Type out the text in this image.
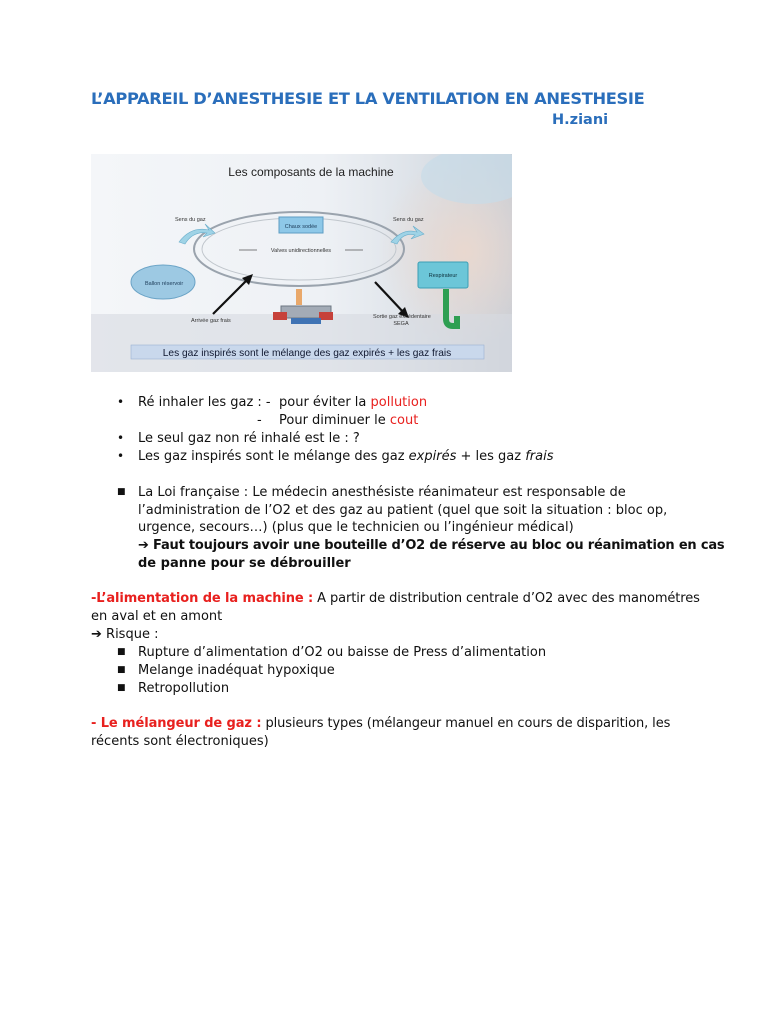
L’APPAREIL D’ANESTHESIE ET LA VENTILATION EN ANESTHESIE
H.ziani
Les composants de la machine
Chaux sodée
Valves unidirectionnelles
Sens du gaz	Sens du gaz
Ballon réservoir
Respirateur
Arrivée gaz frais
Sortie gaz excédentaire
SEGA
Les gaz inspirés sont le mélange des gaz expirés + les gaz frais
• Ré inhaler les gaz : - pour éviter la pollution
- Pour diminuer le cout
• Le seul gaz non ré inhalé est le : ?
• Les gaz inspirés sont le mélange des gaz expirés + les gaz frais
■ La Loi française : Le médecin anesthésiste réanimateur est responsable de
l’administration de l’O2 et des gaz au patient (quel que soit la situation : bloc op,
urgence, secours…) (plus que le technicien ou l’ingénieur médical)
➔ Faut toujours avoir une bouteille d’O2 de réserve au bloc ou réanimation en cas
de panne pour se débrouiller
-L’alimentation de la machine : A partir de distribution centrale d’O2 avec des manométres
en aval et en amont
➔ Risque :
■ Rupture d’alimentation d’O2 ou baisse de Press d’alimentation
■ Melange inadéquat hypoxique
■ Retropollution
- Le mélangeur de gaz : plusieurs types (mélangeur manuel en cours de disparition, les
récents sont électroniques)
